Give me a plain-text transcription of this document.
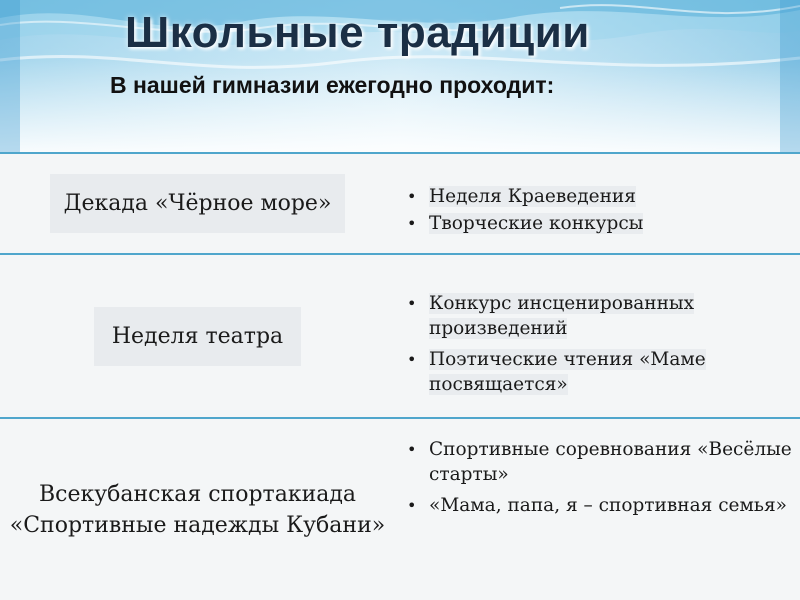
Школьные традиции

В нашей гимназии ежегодно проходит:

Декада «Чёрное море»	• Неделя Краеведения
• Творческие конкурсы

Неделя театра

• Конкурс инсценированных произведений
• Поэтические чтения «Маме посвящается»

Всекубанская спортакиада «Спортивные надежды Кубани»

• Спортивные соревнования «Весёлые старты»
• «Мама, папа, я – спортивная семья»
